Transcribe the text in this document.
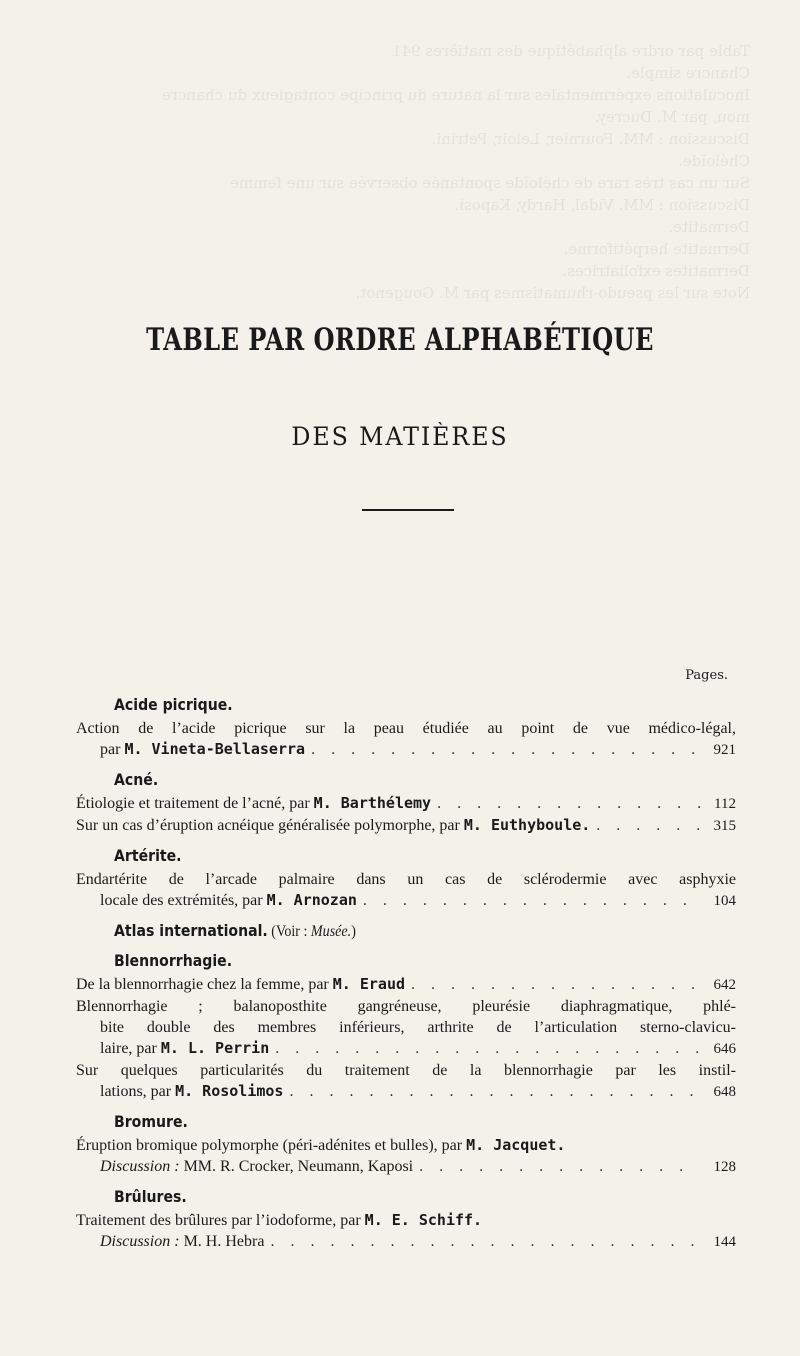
Table par ordre alphabétique des matières 941
Chancre simple.
Inoculations expérimentales sur la nature du principe contagieux du chancre
mou, par M. Ducrey.
Discussion : MM. Fournier, Leloir, Petrini.
Chéloïde.
Sur un cas très rare de chéloïde spontanée observée sur une femme
Discussion : MM. Vidal, Hardy, Kaposi.
Dermatite.
Dermatite herpétiforme.
Dermatites exfoliatrices.
Note sur les pseudo-rhumatismes par M. Gougenot.
TABLE PAR ORDRE ALPHABÉTIQUE
DES MATIÈRES
Pages.
Acide picrique.
Action de l’acide picrique sur la peau étudiée au point de vue médico-légal,
par M. Vineta-Bellaserra . . .	921
Acné.
Étiologie et traitement de l’acné, par M. Barthélemy . . .	112
Sur un cas d’éruption acnéique généralisée polymorphe, par M. Euthyboule. . . .	315
Artérite.
Endartérite de l’arcade palmaire dans un cas de sclérodermie avec asphyxie
locale des extrémités, par M. Arnozan . . .	104
Atlas international. (Voir : Musée.)
Blennorrhagie.
De la blennorrhagie chez la femme, par M. Eraud . . .	642
Blennorrhagie ; balanoposthite gangréneuse, pleurésie diaphragmatique, phlé-
bite double des membres inférieurs, arthrite de l’articulation sterno-clavicu-
laire, par M. L. Perrin . . .	646
Sur quelques particularités du traitement de la blennorrhagie par les instil-
lations, par M. Rosolimos . . .	648
Bromure.
Éruption bromique polymorphe (péri-adénites et bulles), par M. Jacquet.
Discussion : MM. R. Crocker, Neumann, Kaposi . . .	128
Brûlures.
Traitement des brûlures par l’iodoforme, par M. E. Schiff.
Discussion : M. H. Hebra . . .	144
